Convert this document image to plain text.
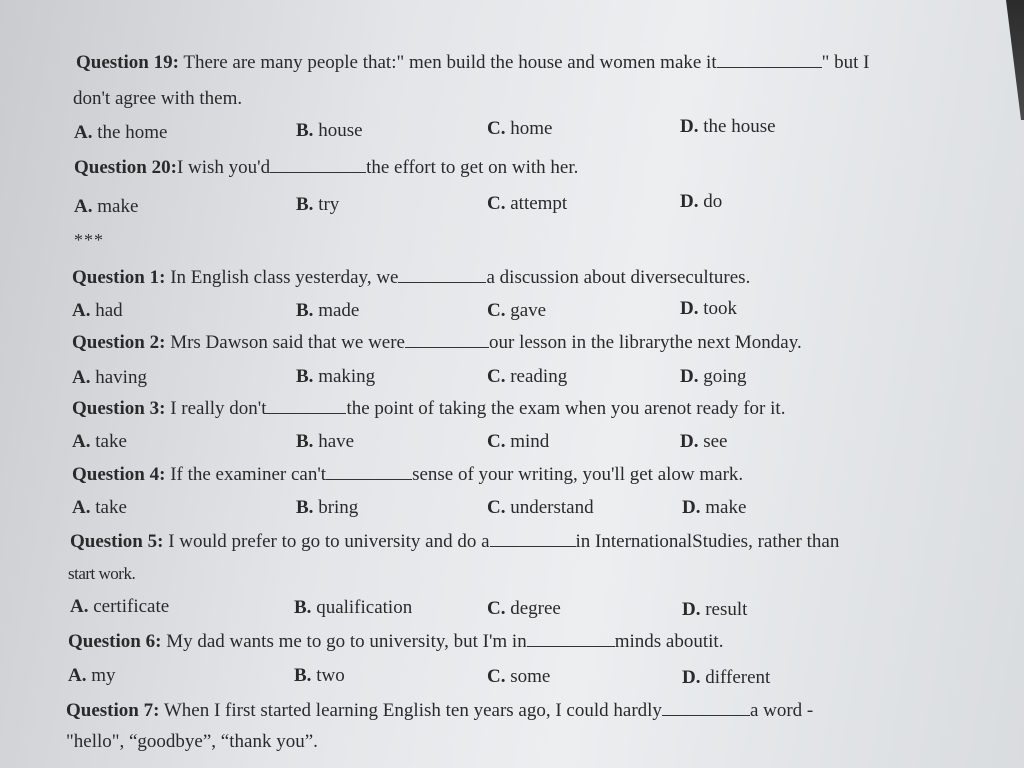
Question 19: There are many people that:" men build the house and women make it	" but I
don't agree with them.
A. the home	B. house	C. home	D. the house
Question 20:I wish you'd	the effort to get on with her.
A. make	B. try	C. attempt	D. do
***
Question 1: In English class yesterday, we	a discussion about diversecultures.
A. had	B. made	C. gave	D. took
Question 2: Mrs Dawson said that we were	our lesson in the librarythe next Monday.
A. having	B. making	C. reading	D. going
Question 3: I really don't	the point of taking the exam when you arenot ready for it.
A. take	B. have	C. mind	D. see
Question 4: If the examiner can't	sense of your writing, you'll get alow mark.
A. take	B. bring	C. understand	D. make
Question 5: I would prefer to go to university and do a	in InternationalStudies, rather than
start work.
A. certificate	B. qualification	C. degree	D. result
Question 6: My dad wants me to go to university, but I'm in	minds aboutit.
A. my	B. two	C. some	D. different
Question 7: When I first started learning English ten years ago, I could hardly	a word -
"hello", “goodbye”, “thank you”.
